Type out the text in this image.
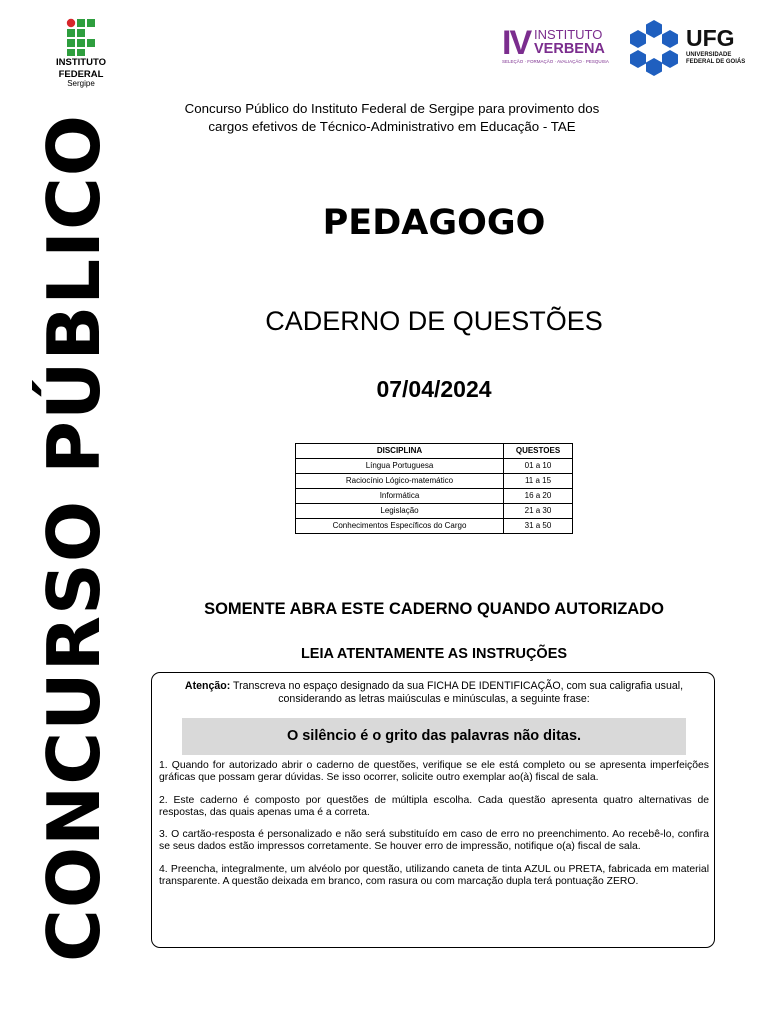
INSTITUTO
FEDERAL
Sergipe
IV INSTITUTO
VERBENA
SELEÇÃO · FORMAÇÃO · AVALIAÇÃO · PESQUISA
UFG
UNIVERSIDADE
FEDERAL DE GOIÁS
Concurso Público do Instituto Federal de Sergipe para provimento dos
cargos efetivos de Técnico-Administrativo em Educação - TAE
CONCURSO PÚBLICO	PEDAGOGO
CADERNO DE QUESTÕES
07/04/2024
DISCIPLINA	QUESTOES
Língua Portuguesa	01 a 10
Raciocínio Lógico-matemático	11 a 15
Informática	16 a 20
Legislação	21 a 30
Conhecimentos Específicos do Cargo	31 a 50
SOMENTE ABRA ESTE CADERNO QUANDO AUTORIZADO
LEIA ATENTAMENTE AS INSTRUÇÕES
Atenção: Transcreva no espaço designado da sua FICHA DE IDENTIFICAÇÃO, com sua caligrafia usual, considerando as letras maiúsculas e minúsculas, a seguinte frase:
O silêncio é o grito das palavras não ditas.

1. Quando for autorizado abrir o caderno de questões, verifique se ele está completo ou se apresenta imperfeições gráficas que possam gerar dúvidas. Se isso ocorrer, solicite outro exemplar ao(à) fiscal de sala.

2. Este caderno é composto por questões de múltipla escolha. Cada questão apresenta quatro alternativas de respostas, das quais apenas uma é a correta.

3. O cartão-resposta é personalizado e não será substituído em caso de erro no preenchimento. Ao recebê-lo, confira se seus dados estão impressos corretamente. Se houver erro de impressão, notifique o(a) fiscal de sala.

4. Preencha, integralmente, um alvéolo por questão, utilizando caneta de tinta AZUL ou PRETA, fabricada em material transparente. A questão deixada em branco, com rasura ou com marcação dupla terá pontuação ZERO.
